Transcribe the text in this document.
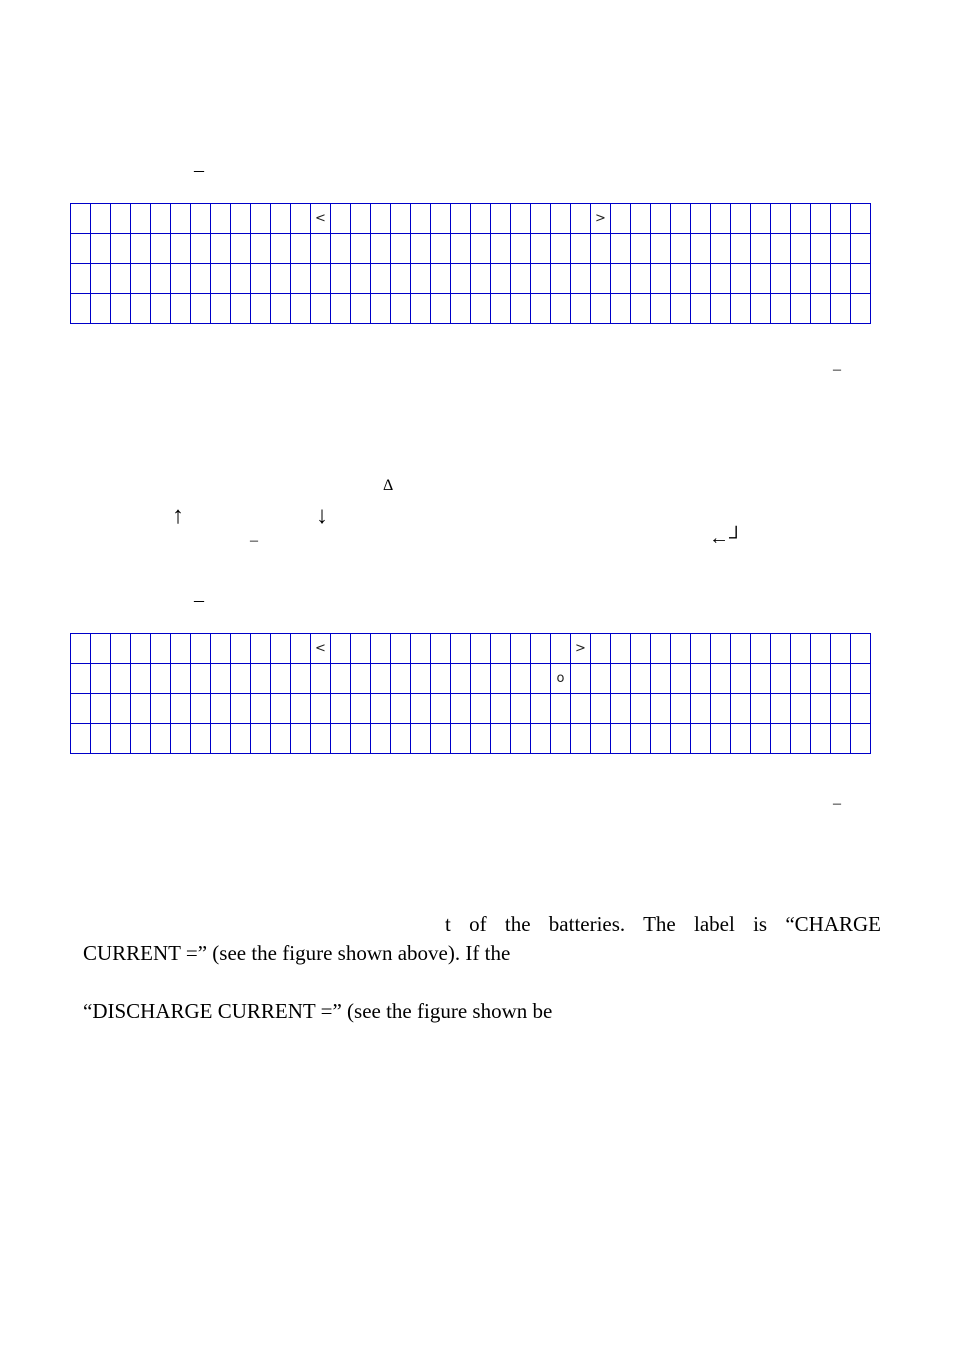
–
												<														>													

–
Δ
↑	↓
–	←┘
–
												<													>														
																								o															

–
t of the batteries. The label is “CHARGE
CURRENT =” (see the figure shown above). If the
“DISCHARGE CURRENT =” (see the figure shown be
